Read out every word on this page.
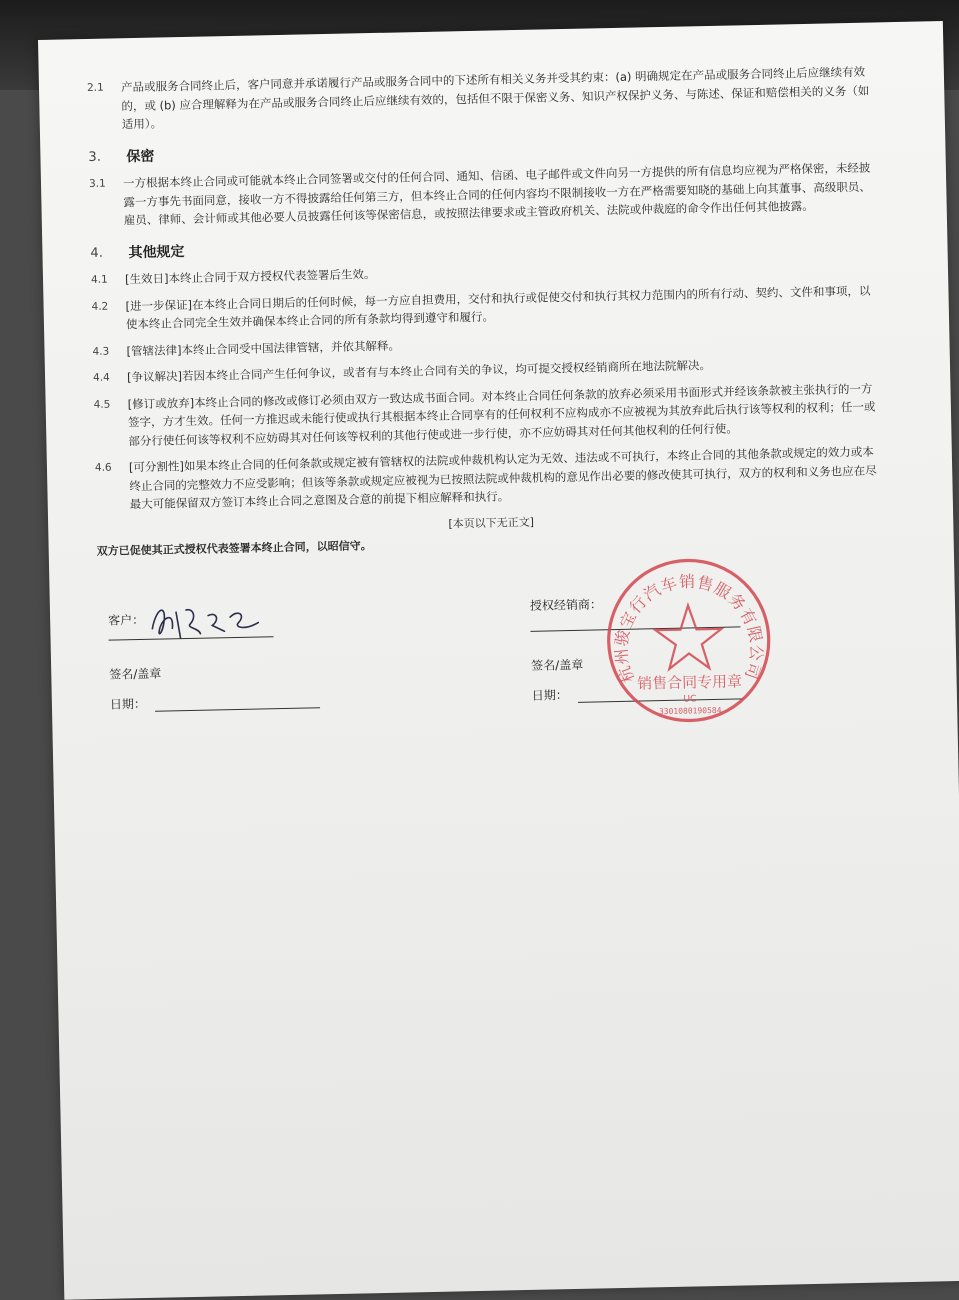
2.1	产品或服务合同终止后，客户同意并承诺履行产品或服务合同中的下述所有相关义务并受其约束：(a) 明确规定在产品或服务合同终止后应继续有效的，或 (b) 应合理解释为在产品或服务合同终止后应继续有效的，包括但不限于保密义务、知识产权保护义务、与陈述、保证和赔偿相关的义务（如适用）。
3.	保密
3.1	一方根据本终止合同或可能就本终止合同签署或交付的任何合同、通知、信函、电子邮件或文件向另一方提供的所有信息均应视为严格保密，未经披露一方事先书面同意，接收一方不得披露给任何第三方，但本终止合同的任何内容均不限制接收一方在严格需要知晓的基础上向其董事、高级职员、雇员、律师、会计师或其他必要人员披露任何该等保密信息，或按照法律要求或主管政府机关、法院或仲裁庭的命令作出任何其他披露。
4.	其他规定
4.1	[生效日]本终止合同于双方授权代表签署后生效。
4.2	[进一步保证]在本终止合同日期后的任何时候，每一方应自担费用，交付和执行或促使交付和执行其权力范围内的所有行动、契约、文件和事项，以使本终止合同完全生效并确保本终止合同的所有条款均得到遵守和履行。
4.3	[管辖法律]本终止合同受中国法律管辖，并依其解释。
4.4	[争议解决]若因本终止合同产生任何争议，或者有与本终止合同有关的争议，均可提交授权经销商所在地法院解决。
4.5	[修订或放弃]本终止合同的修改或修订必须由双方一致达成书面合同。对本终止合同任何条款的放弃必须采用书面形式并经该条款被主张执行的一方签字，方才生效。任何一方推迟或未能行使或执行其根据本终止合同享有的任何权利不应构成亦不应被视为其放弃此后执行该等权利的权利；任一或部分行使任何该等权利不应妨碍其对任何该等权利的其他行使或进一步行使，亦不应妨碍其对任何其他权利的任何行使。
4.6	[可分割性]如果本终止合同的任何条款或规定被有管辖权的法院或仲裁机构认定为无效、违法或不可执行，本终止合同的其他条款或规定的效力或本终止合同的完整效力不应受影响；但该等条款或规定应被视为已按照法院或仲裁机构的意见作出必要的修改使其可执行，双方的权利和义务也应在尽最大可能保留双方签订本终止合同之意图及合意的前提下相应解释和执行。
[本页以下无正文]
双方已促使其正式授权代表签署本终止合同，以昭信守。
客户：
签名/盖章
日期：
授权经销商：
签名/盖章
日期：
杭州骏宝行汽车销售服务有限公司
销售合同专用章
UC
3301080190584
